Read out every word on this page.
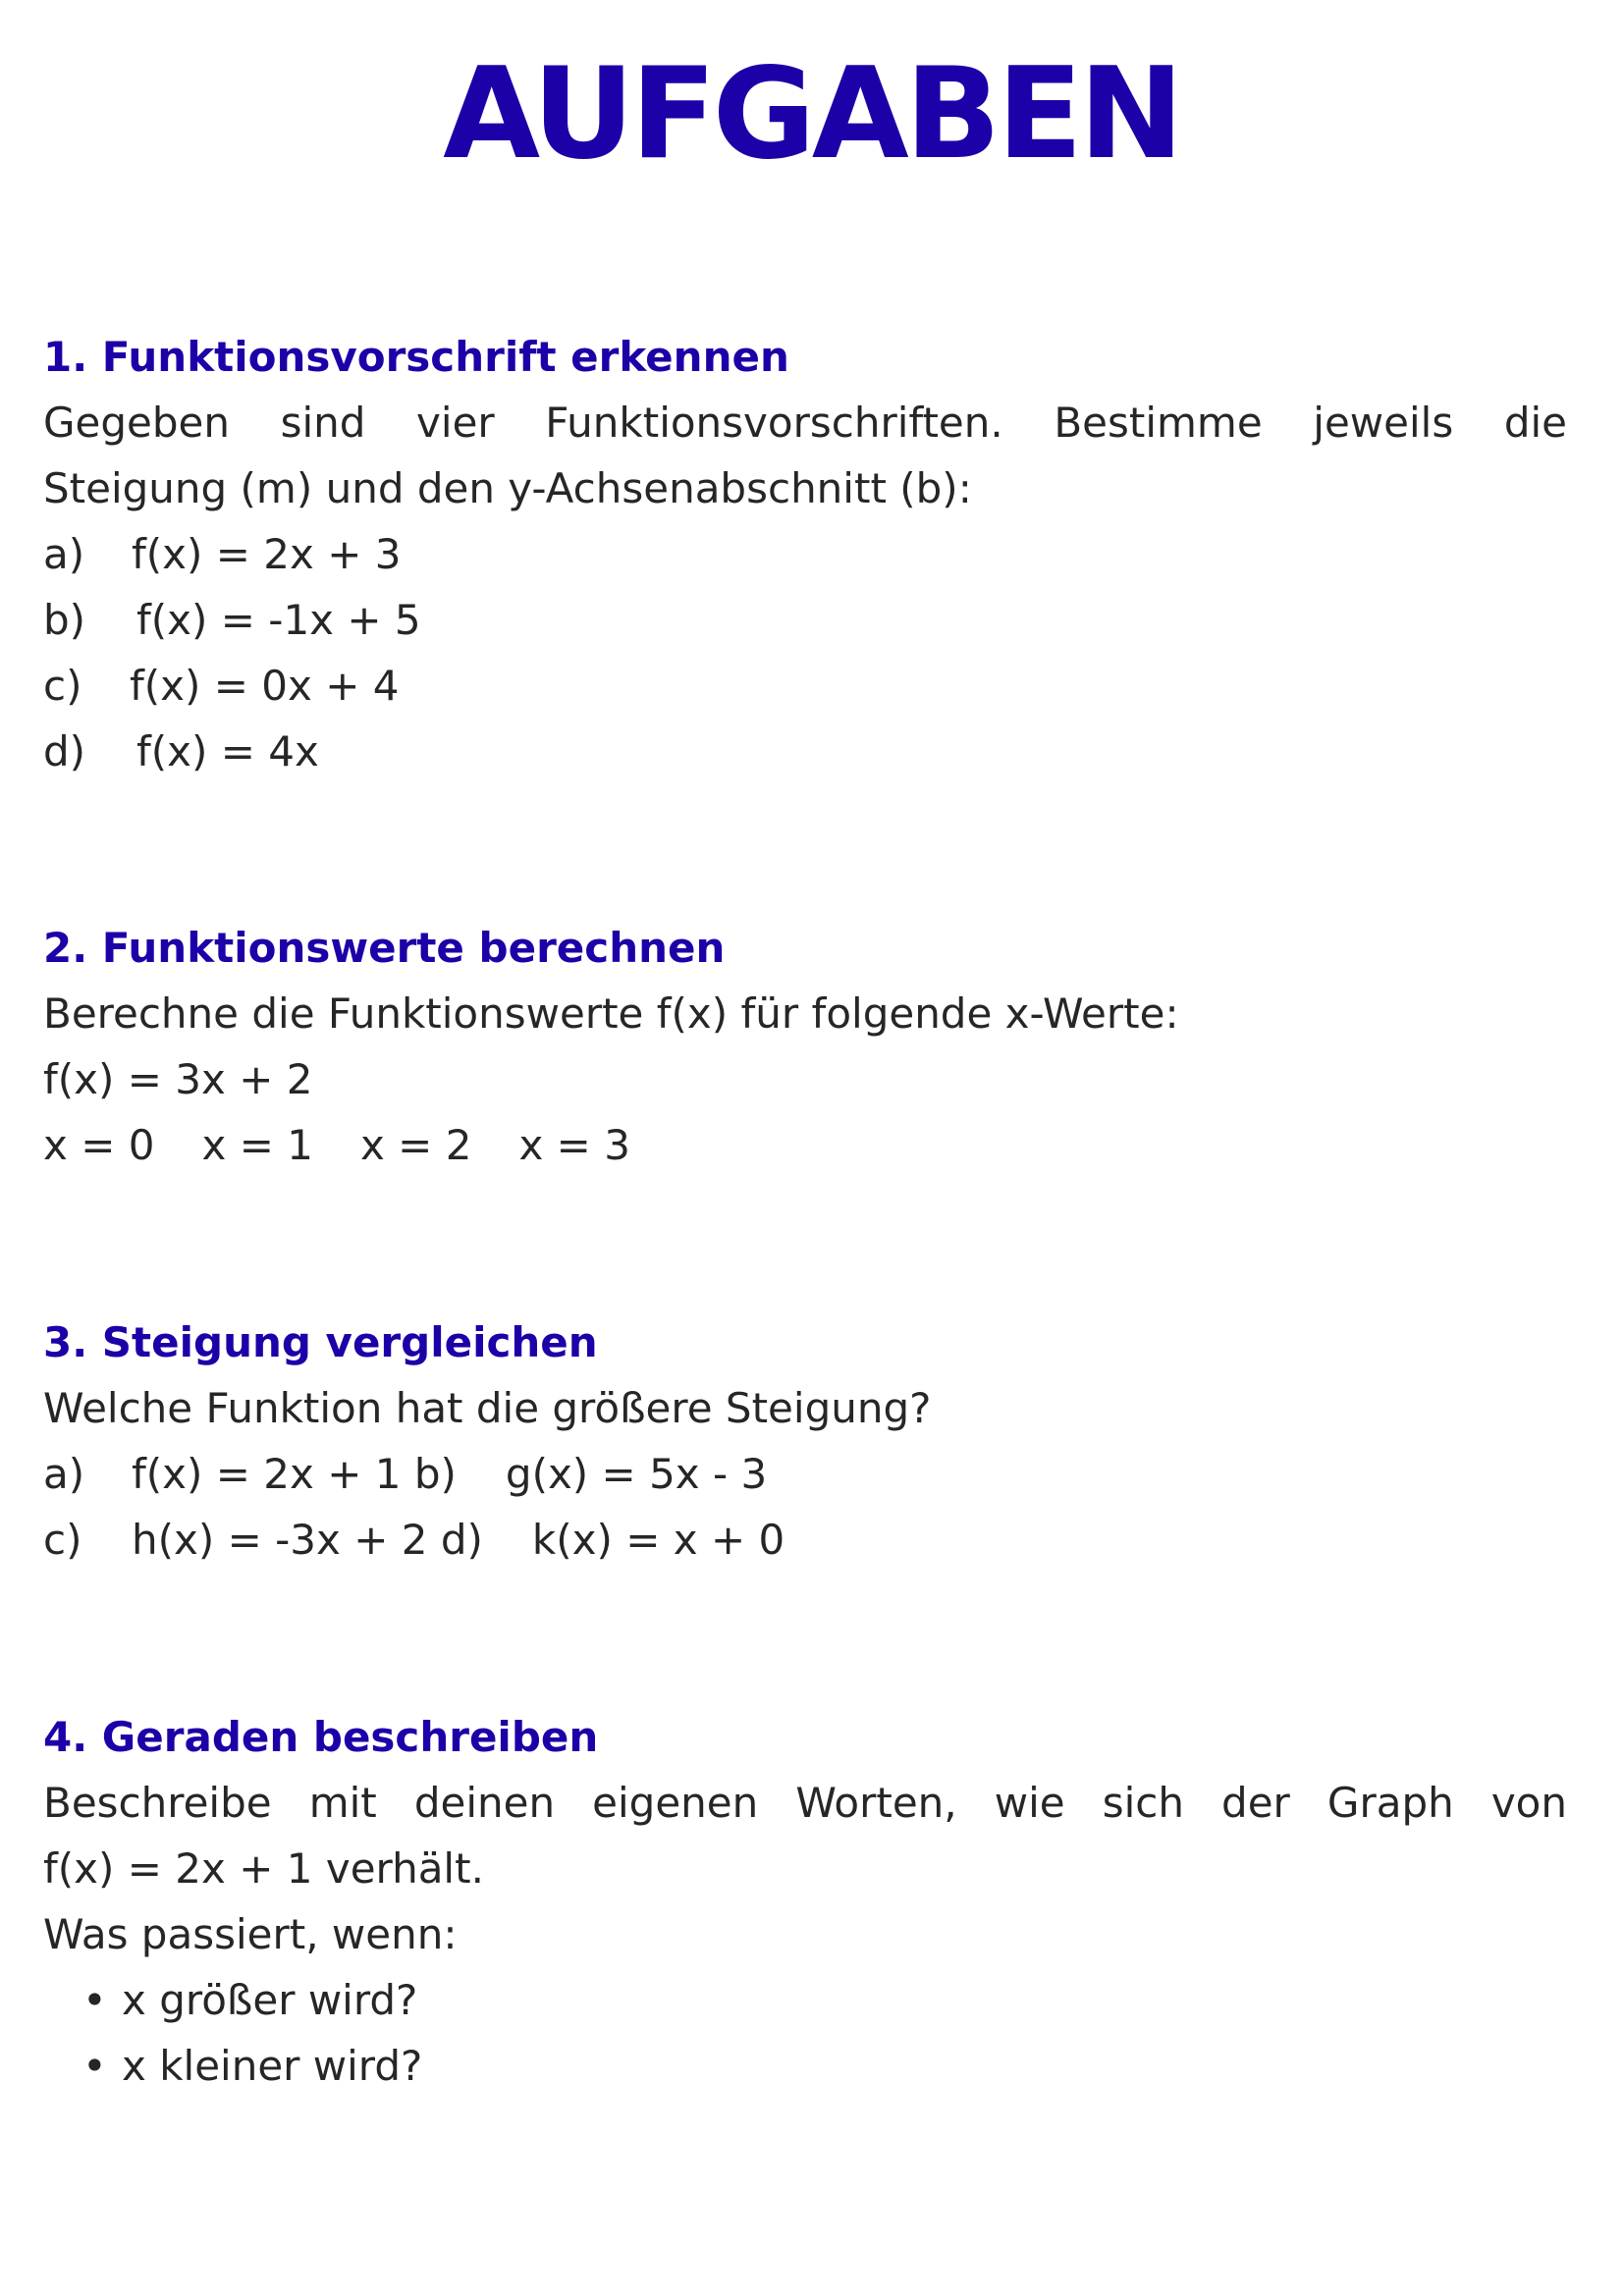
AUFGABEN

1. Funktionsvorschrift erkennen

Gegeben sind vier Funktionsvorschriften. Bestimme jeweils die

Steigung (m) und den y-Achsenabschnitt (b):

a)	f(x) = 2x + 3
b)	f(x) = -1x + 5
c)	f(x) = 0x + 4
d)	f(x) = 4x

2. Funktionswerte berechnen

Berechne die Funktionswerte f(x) für folgende x-Werte:

f(x) = 3x + 2

x = 0 x = 1 x = 2 x = 3

3. Steigung vergleichen

Welche Funktion hat die größere Steigung?

a)	f(x) = 2x + 1 b) g(x) = 5x - 3
c)	h(x) = -3x + 2 d) k(x) = x + 0

4. Geraden beschreiben

Beschreibe mit deinen eigenen Worten, wie sich der Graph von

f(x) = 2x + 1 verhält.

Was passiert, wenn:

• x größer wird?
• x kleiner wird?
